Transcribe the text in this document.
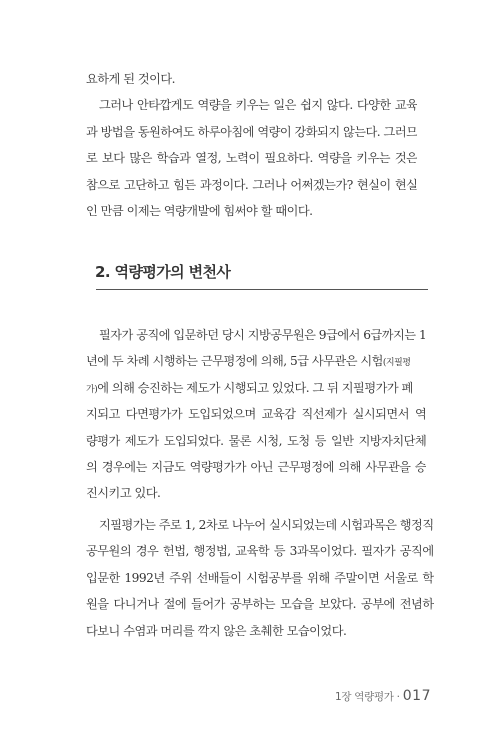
요하게 된 것이다.
그러나 안타깝게도 역량을 키우는 일은 쉽지 않다. 다양한 교육
과 방법을 동원하여도 하루아침에 역량이 강화되지 않는다. 그러므
로 보다 많은 학습과 열정, 노력이 필요하다. 역량을 키우는 것은
참으로 고단하고 힘든 과정이다. 그러나 어쩌겠는가? 현실이 현실
인 만큼 이제는 역량개발에 힘써야 할 때이다.

2. 역량평가의 변천사

필자가 공직에 입문하던 당시 지방공무원은 9급에서 6급까지는 1
년에 두 차례 시행하는 근무평정에 의해, 5급 사무관은 시험(지필평
가)에 의해 승진하는 제도가 시행되고 있었다. 그 뒤 지필평가가 폐
지되고 다면평가가 도입되었으며 교육감 직선제가 실시되면서 역
량평가 제도가 도입되었다. 물론 시청, 도청 등 일반 지방자치단체
의 경우에는 지금도 역량평가가 아닌 근무평정에 의해 사무관을 승
진시키고 있다.

지필평가는 주로 1, 2차로 나누어 실시되었는데 시험과목은 행정직
공무원의 경우 헌법, 행정법, 교육학 등 3과목이었다. 필자가 공직에
입문한 1992년 주위 선배들이 시험공부를 위해 주말이면 서울로 학
원을 다니거나 절에 들어가 공부하는 모습을 보았다. 공부에 전념하
다보니 수염과 머리를 깍지 않은 초췌한 모습이었다.

1장 역량평가 · 017
